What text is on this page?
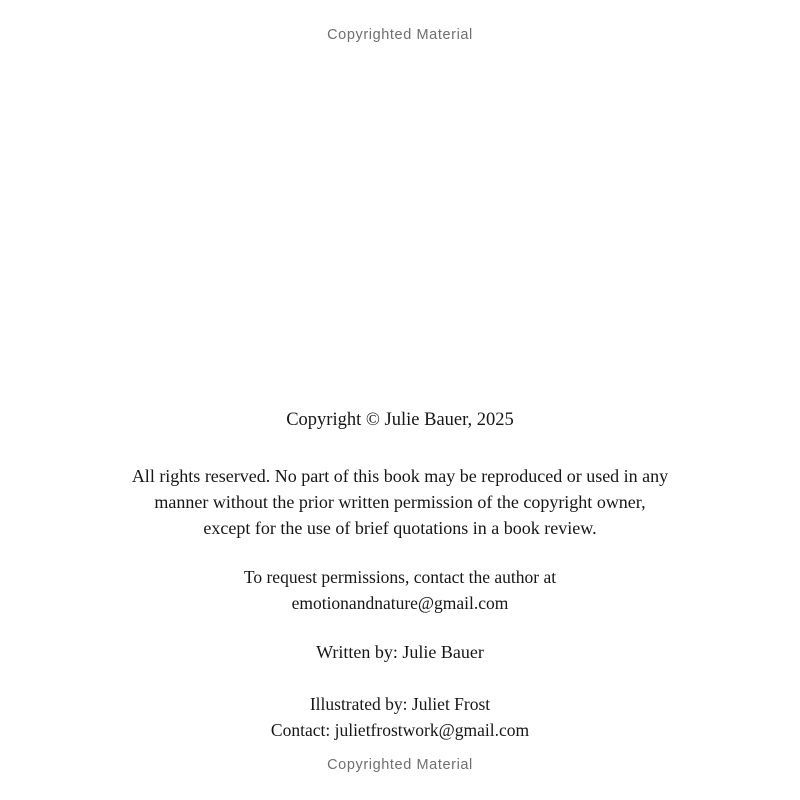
Copyrighted Material
Copyright © Julie Bauer, 2025
All rights reserved. No part of this book may be reproduced or used in any manner without the prior written permission of the copyright owner, except for the use of brief quotations in a book review.
To request permissions, contact the author at
emotionandnature@gmail.com
Written by: Julie Bauer
Illustrated by: Juliet Frost
Contact: julietfrostwork@gmail.com
Copyrighted Material
